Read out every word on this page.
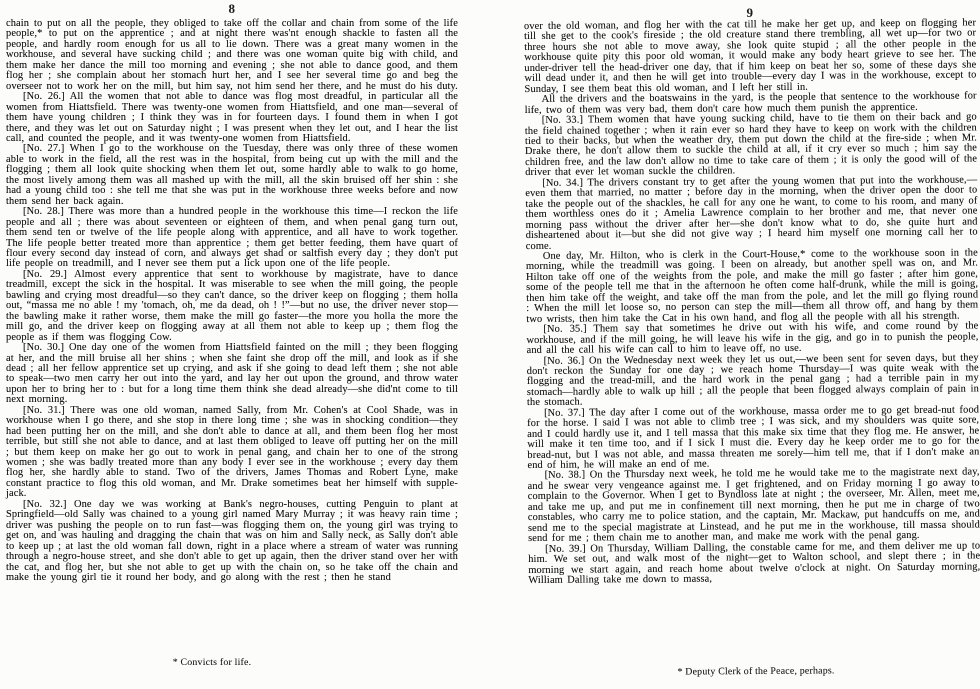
8	9

chain to put on all the people, they obliged to take off the collar and chain from some of the life people,* to put on the apprentice ; and at night there was'nt enough shackle to fasten all the people, and hardly room enough for us all to lie down. There was a great many women in the workhouse, and several have sucking child ; and there was one woman quite big with child, and them make her dance the mill too morning and evening ; she not able to dance good, and them flog her ; she complain about her stomach hurt her, and I see her several time go and beg the overseer not to work her on the mill, but him say, not him send her there, and he must do his duty.

[No. 26.] All the women that not able to dance was flog most dreadful, in particular all the women from Hiattsfield. There was twenty-one women from Hiattsfield, and one man—several of them have young children ; I think they was in for fourteen days. I found them in when I got there, and they was let out on Saturday night ; I was present when they let out, and I hear the list call, and counted the people, and it was twenty-one women from Hiattsfield.

[No. 27.] When I go to the workhouse on the Tuesday, there was only three of these women able to work in the field, all the rest was in the hospital, from being cut up with the mill and the flogging ; them all look quite shocking when them let out, some hardly able to walk to go home, the most lively among them was all mashed up with the mill, all the skin bruised off her shin : she had a young child too : she tell me that she was put in the workhouse three weeks before and now them send her back again.

[No. 28.] There was more than a hundred people in the workhouse this time—I reckon the life people and all ; there was about seventeen or eighteen of them, and when penal gang turn out, them send ten or twelve of the life people along with apprentice, and all have to work together. The life people better treated more than apprentice ; them get better feeding, them have quart of flour every second day instead of corn, and always get shad or saltfish every day ; they don't put life people on treadmill, and I never see them put a lick upon one of the life people.

[No. 29.] Almost every apprentice that sent to workhouse by magistrate, have to dance treadmill, except the sick in the hospital. It was miserable to see when the mill going, the people bawling and crying most dreadful—so they can't dance, so the driver keep on flogging ; them holla out, “massa me no able ! my 'tomach, oh, me da dead, oh ! !”—but no use, the driver never stop—the bawling make it rather worse, them make the mill go faster—the more you holla the more the mill go, and the driver keep on flogging away at all them not able to keep up ; them flog the people as if them was flogging Cow.

[No. 30.] One day one of the women from Hiattsfield fainted on the mill ; they been flogging at her, and the mill bruise all her shins ; when she faint she drop off the mill, and look as if she dead ; all her fellow apprentice set up crying, and ask if she going to dead left them ; she not able to speak—two men carry her out into the yard, and lay her out upon the ground, and throw water upon her to bring her to : but for a long time them think she dead already—she did'nt come to till next morning.

[No. 31.] There was one old woman, named Sally, from Mr. Cohen's at Cool Shade, was in workhouse when I go there, and she stop in there long time ; she was in shocking condition—they had been putting her on the mill, and she don't able to dance at all, and them been flog her most terrible, but still she not able to dance, and at last them obliged to leave off putting her on the mill ; but them keep on make her go out to work in penal gang, and chain her to one of the strong women ; she was badly treated more than any body I ever see in the workhouse ; every day them flog her, she hardly able to stand. Two of the drivers, James Thomas and Robert Lyne, make constant practice to flog this old woman, and Mr. Drake sometimes beat her himself with supple-jack.

[No. 32.] One day we was working at Bank's negro-houses, cutting Penguin to plant at Springfield—old Sally was chained to a young girl named Mary Murray ; it was heavy rain time ; driver was pushing the people on to run fast—was flogging them on, the young girl was trying to get on, and was hauling and dragging the chain that was on him and Sally neck, as Sally don't able to keep up ; at last the old woman fall down, right in a place where a stream of water was running through a negro-house street, and she don't able to get up again, then the driver stand over her with the cat, and flog her, but she not able to get up with the chain on, so he take off the chain and make the young girl tie it round her body, and go along with the rest ; then he stand

over the old woman, and flog her with the cat till he make her get up, and keep on flogging her till she get to the cook's fireside ; the old creature stand there trembling, all wet up—for two or three hours she not able to move away, she look quite stupid ; all the other people in the workhouse quite pity this poor old woman, it would make any body heart grieve to see her. The under-driver tell the head-driver one day, that if him keep on beat her so, some of these days she will dead under it, and then he will get into trouble—every day I was in the workhouse, except to Sunday, I see them beat this old woman, and I left her still in.

All the drivers and the boatswains in the yard, is the people that sentence to the workhouse for life, two of them was very bad, them don't care how much them punish the apprentice.

[No. 33.] Them women that have young sucking child, have to tie them on their back and go the field chained together ; when it rain ever so hard they have to keep on work with the children tied to their backs, but when the weather dry, them put down the child at the fire-side ; when Mr. Drake there, he don't allow them to suckle the child at all, if it cry ever so much ; him say the children free, and the law don't allow no time to take care of them ; it is only the good will of the driver that ever let woman suckle the children.

[No. 34.] The drivers constant try to get after the young women that put into the workhouse,—even them that married, no matter ; before day in the morning, when the driver open the door to take the people out of the shackles, he call for any one he want, to come to his room, and many of them worthless ones do it ; Amelia Lawrence complain to her brother and me, that never one morning pass without the driver after her—she don't know what to do, she quite hurt and disheartened about it—but she did not give way ; I heard him myself one morning call her to come.

One day, Mr. Hilton, who is clerk in the Court-House,* come to the workhouse soon in the morning, while the treadmill was going. I been on already, but another spell was on, and Mr. Hilton take off one of the weights from the pole, and make the mill go faster ; after him gone, some of the people tell me that in the afternoon he often come half-drunk, while the mill is going, then him take off the weight, and take off the man from the pole, and let the mill go flying round : When the mill let loose so, no person can step the mill—them all throw off, and hang by them two wrists, then him take the Cat in his own hand, and flog all the people with all his strength.

[No. 35.] Them say that sometimes he drive out with his wife, and come round by the workhouse, and if the mill going, he will leave his wife in the gig, and go in to punish the people, and all the call his wife can call to him to leave off, no use.

[No. 36.] On the Wednesday next week they let us out,—we been sent for seven days, but they don't reckon the Sunday for one day ; we reach home Thursday—I was quite weak with the flogging and the tread-mill, and the hard work in the penal gang ; had a terrible pain in my stomach—hardly able to walk up hill ; all the people that been flogged always complain of pain in the stomach.

[No. 37.] The day after I come out of the workhouse, massa order me to go get bread-nut food for the horse. I said I was not able to climb tree ; I was sick, and my shoulders was quite sore, and I could hardly use it, and I tell massa that this make six time that they flog me. He answer, he will make it ten time too, and if I sick I must die. Every day he keep order me to go for the bread-nut, but I was not able, and massa threaten me sorely—him tell me, that if I don't make an end of him, he will make an end of me.

[No. 38.] On the Thursday next week, he told me he would take me to the magistrate next day, and he swear very vengeance against me. I get frightened, and on Friday morning I go away to complain to the Governor. When I get to Byndloss late at night ; the overseer, Mr. Allen, meet me, and take me up, and put me in confinement till next morning, then he put me in charge of two constables, who carry me to police station, and the captain, Mr. Mackaw, put handcuffs on me, and send me to the special magistrate at Linstead, and he put me in the workhouse, till massa should send for me ; them chain me to another man, and make me work with the penal gang.

[No. 39.] On Thursday, William Dalling, the constable came for me, and them deliver me up to him. We set out, and walk most of the night—get to Walton school, and slept there ; in the morning we start again, and reach home about twelve o'clock at night. On Saturday morning, William Dalling take me down to massa,

* Convicts for life.
* Deputy Clerk of the Peace, perhaps.
